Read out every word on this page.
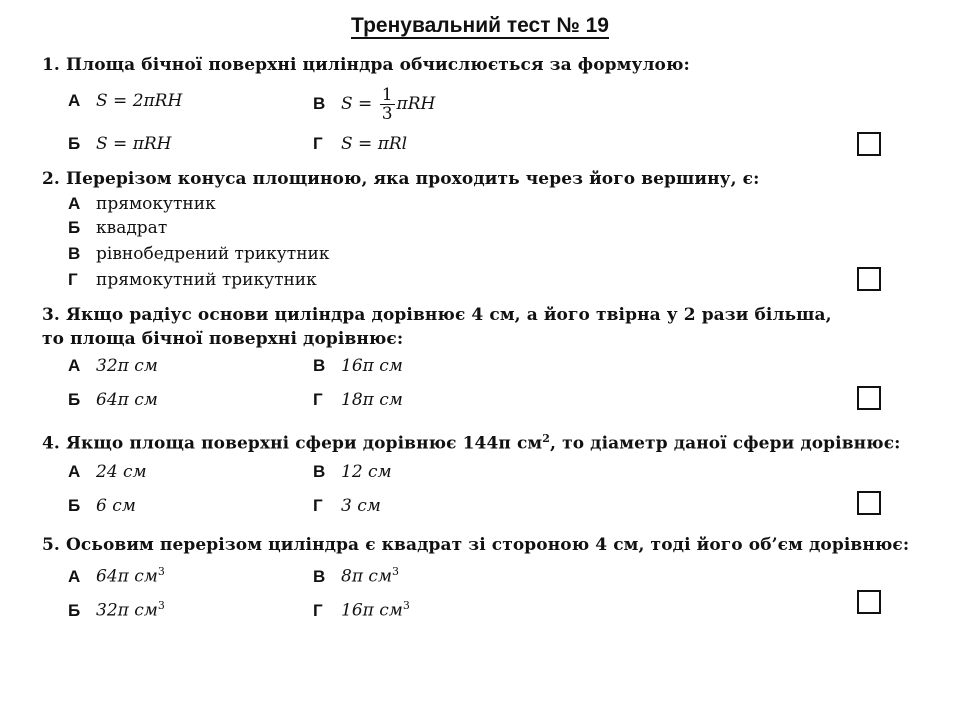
Тренувальний тест № 19
1. Площа бічної поверхні циліндра обчислюється за формулою:
А S = 2πRH	В $S = \frac{1}{3}$ πRH
Б S = πRH	Г S = πRl
2. Перерізом конуса площиною, яка проходить через його вершину, є:
А прямокутник
Б квадрат
В рівнобедрений трикутник
Г прямокутний трикутник
3. Якщо радіус основи циліндра дорівнює 4 см, а його твірна у 2 рази більша,
то площа бічної поверхні дорівнює:
А 32π см	В 16π см
Б 64π см	Г 18π см
4. Якщо площа поверхні сфери дорівнює 144π $см^2$, то діаметр даної сфери дорівнює:
А 24 см	В 12 см
Б 6 см	Г 3 см
5. Осьовим перерізом циліндра є квадрат зі стороною 4 см, тоді його об’єм дорівнює:
А 64π $см^3$	В 8π $см^3$
Б 32π $см^3$	Г 16π $см^3$
